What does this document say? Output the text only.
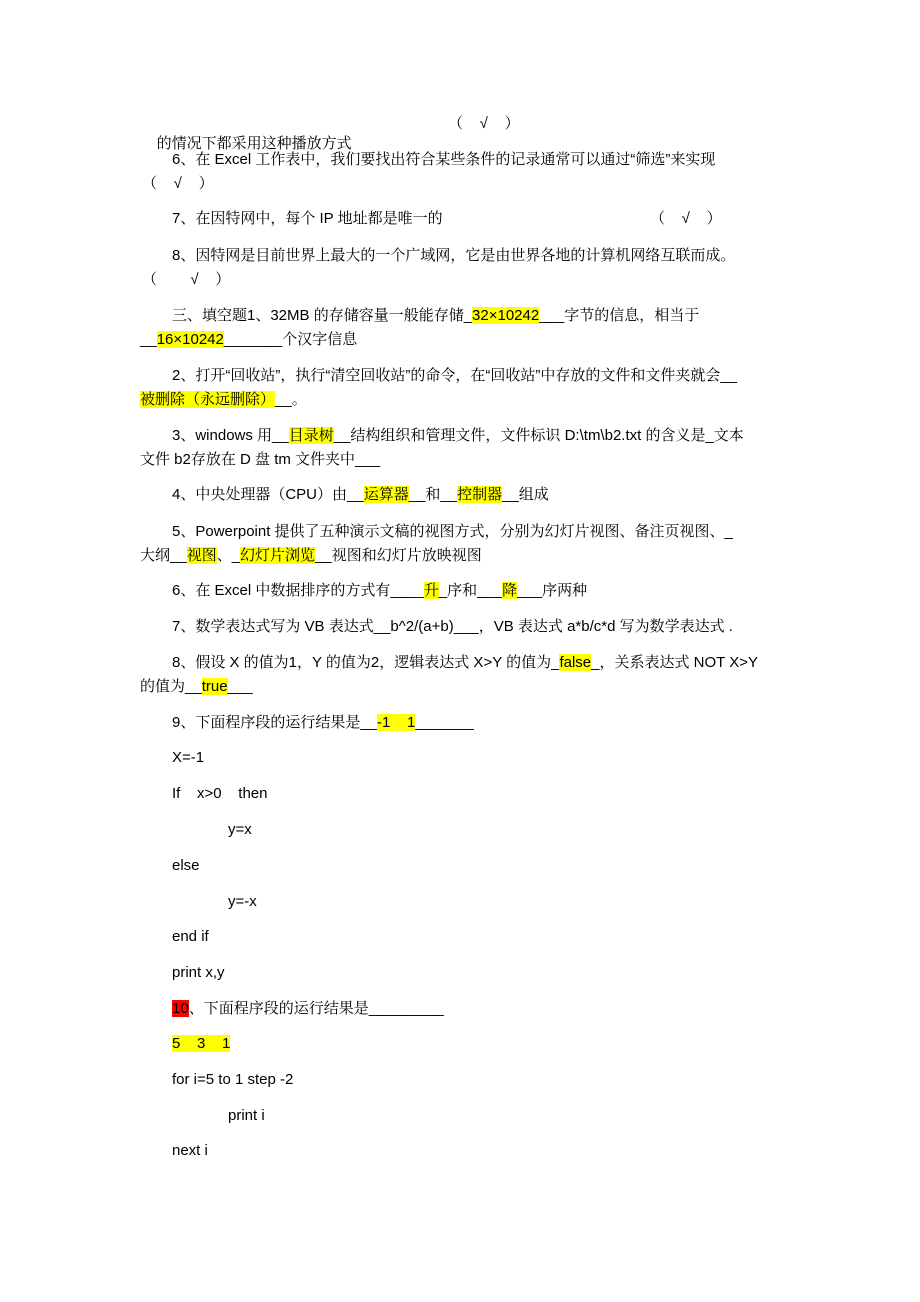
的情况下都采用这种播放方式

（    √    ）
6、在 Excel 工作表中，我们要找出符合某些条件的记录通常可以通过“筛选”来实现
（    √    ）
7、在因特网中，每个 IP 地址都是唯一的	（    √    ）
8、因特网是目前世界上最大的一个广域网，它是由世界各地的计算机网络互联而成。
（        √    ）
三、填空题1、32MB 的存储容量一般能存储_32×10242___字节的信息，相当于
__16×10242_______个汉字信息
2、打开“回收站”，执行“清空回收站”的命令，在“回收站”中存放的文件和文件夹就会__
被删除（永远删除）__。
3、windows 用__目录树__结构组织和管理文件，文件标识 D:\tm\b2.txt 的含义是_文本
文件 b2存放在 D 盘 tm 文件夹中___
4、中央处理器（CPU）由__运算器__和__控制器__组成
5、Powerpoint 提供了五种演示文稿的视图方式，分别为幻灯片视图、备注页视图、_
大纲__视图、_幻灯片浏览__视图和幻灯片放映视图
6、在 Excel 中数据排序的方式有____升_序和___降___序两种
7、数学表达式写为 VB 表达式__b^2/(a+b)___，VB 表达式 a*b/c*d 写为数学表达式 .
8、假设 X 的值为1，Y 的值为2，逻辑表达式 X>Y 的值为_false_，关系表达式 NOT X>Y
的值为__true___
9、下面程序段的运行结果是__-1    1_______
X=-1
If    x>0    then
y=x
else
y=-x
end if
print x,y
10、下面程序段的运行结果是_________
5    3    1
for i=5 to 1 step -2
print i
next i
